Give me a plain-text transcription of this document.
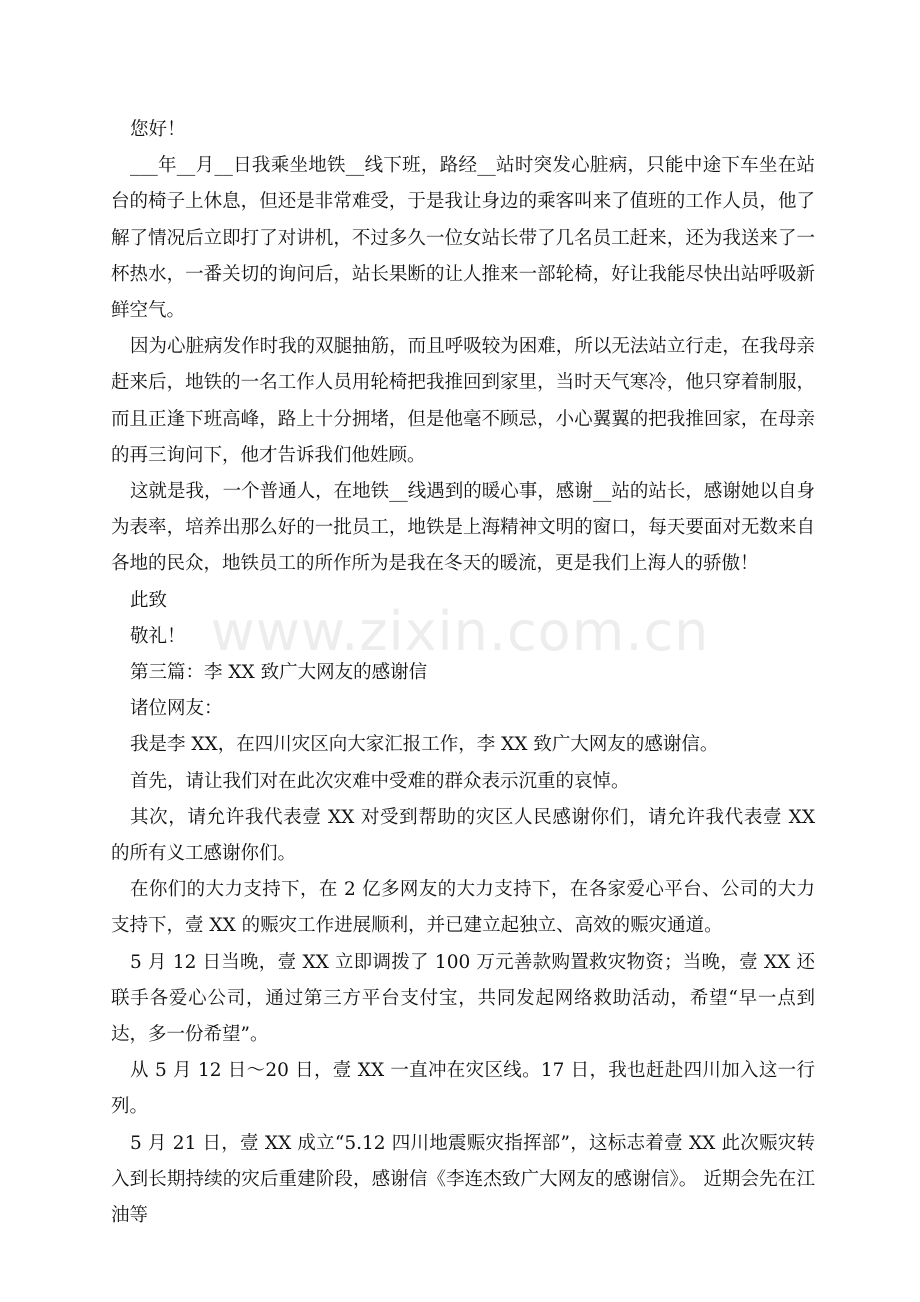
您好！

___年__月__日我乘坐地铁__线下班，路经__站时突发心脏病，只能中途下车坐在站台的椅子上休息，但还是非常难受，于是我让身边的乘客叫来了值班的工作人员，他了解了情况后立即打了对讲机，不过多久一位女站长带了几名员工赶来，还为我送来了一杯热水，一番关切的询问后，站长果断的让人推来一部轮椅，好让我能尽快出站呼吸新鲜空气。

因为心脏病发作时我的双腿抽筋，而且呼吸较为困难，所以无法站立行走，在我母亲赶来后，地铁的一名工作人员用轮椅把我推回到家里，当时天气寒冷，他只穿着制服，而且正逢下班高峰，路上十分拥堵，但是他毫不顾忌，小心翼翼的把我推回家，在母亲的再三询问下，他才告诉我们他姓顾。

这就是我，一个普通人，在地铁__线遇到的暖心事，感谢__站的站长，感谢她以自身为表率，培养出那么好的一批员工，地铁是上海精神文明的窗口，每天要面对无数来自各地的民众，地铁员工的所作所为是我在冬天的暖流，更是我们上海人的骄傲！

此致

敬礼！

第三篇：李 XX 致广大网友的感谢信

诸位网友：

我是李 XX，在四川灾区向大家汇报工作，李 XX 致广大网友的感谢信。

首先，请让我们对在此次灾难中受难的群众表示沉重的哀悼。

其次，请允许我代表壹 XX 对受到帮助的灾区人民感谢你们，请允许我代表壹 XX 的所有义工感谢你们。

在你们的大力支持下，在 2 亿多网友的大力支持下，在各家爱心平台、公司的大力支持下，壹 XX 的赈灾工作进展顺利，并已建立起独立、高效的赈灾通道。

5 月 12 日当晚，壹 XX 立即调拨了 100 万元善款购置救灾物资；当晚，壹 XX 还联手各爱心公司，通过第三方平台支付宝，共同发起网络救助活动，希望“早一点到达，多一份希望”。

从 5 月 12 日～20 日，壹 XX 一直冲在灾区线。17 日，我也赶赴四川加入这一行列。

5 月 21 日，壹 XX 成立“5.12 四川地震赈灾指挥部”，这标志着壹 XX 此次赈灾转入到长期持续的灾后重建阶段，感谢信《李连杰致广大网友的感谢信》。 近期会先在江油等

www.zixin.com.cn
